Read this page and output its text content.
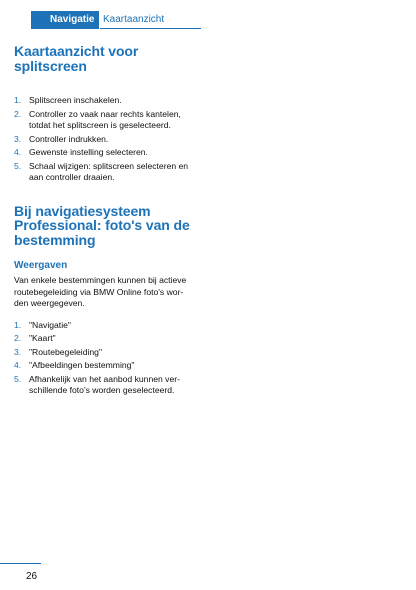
Navigatie Kaartaanzicht
Kaartaanzicht voor
splitscreen
1. Splitscreen inschakelen.
2. Controller zo vaak naar rechts kantelen,
totdat het splitscreen is geselecteerd.
3. Controller indrukken.
4. Gewenste instelling selecteren.
5. Schaal wijzigen: splitscreen selecteren en
aan controller draaien.
Bij navigatiesysteem
Professional: foto's van de
bestemming
Weergaven

Van enkele bestemmingen kunnen bij actieve
routebegeleiding via BMW Online foto's wor-
den weergegeven.

1. "Navigatie"
2. "Kaart"
3. "Routebegeleiding"
4. "Afbeeldingen bestemming"
5. Afhankelijk van het aanbod kunnen ver-
schillende foto's worden geselecteerd.
26
